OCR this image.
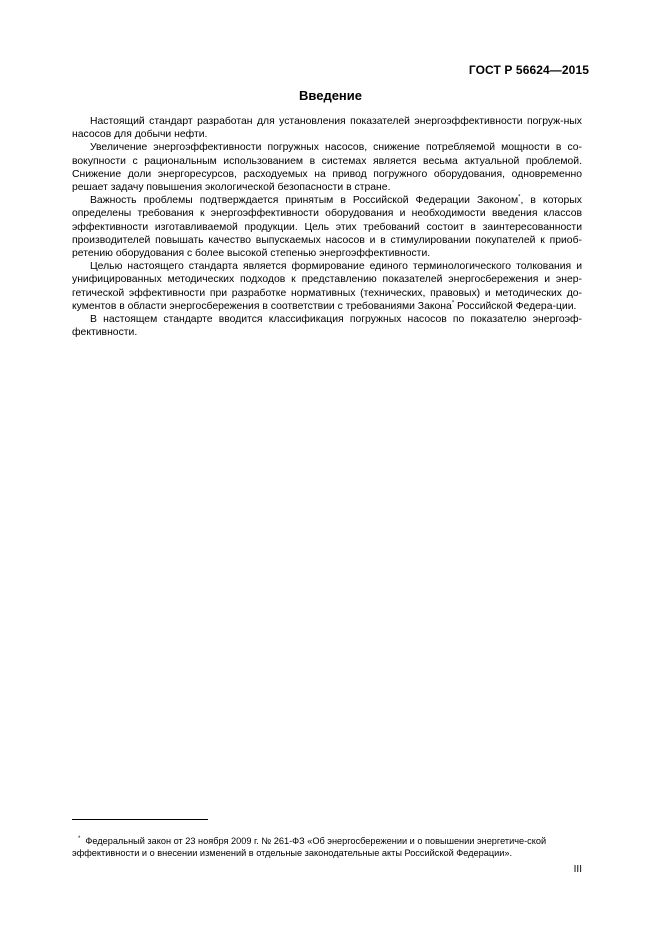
ГОСТ Р 56624—2015
Введение

Настоящий стандарт разработан для установления показателей энергоэффективности погруж-ных насосов для добычи нефти.

Увеличение энергоэффективности погружных насосов, снижение потребляемой мощности в со-вокупности с рациональным использованием в системах является весьма актуальной проблемой. Снижение доли энергоресурсов, расходуемых на привод погружного оборудования, одновременно решает задачу повышения экологической безопасности в стране.

Важность проблемы подтверждается принятым в Российской Федерации Законом*, в которых определены требования к энергоэффективности оборудования и необходимости введения классов эффективности изготавливаемой продукции. Цель этих требований состоит в заинтересованности производителей повышать качество выпускаемых насосов и в стимулировании покупателей к приоб-ретению оборудования с более высокой степенью энергоэффективности.

Целью настоящего стандарта является формирование единого терминологического толкования и унифицированных методических подходов к представлению показателей энергосбережения и энер-гетической эффективности при разработке нормативных (технических, правовых) и методических до-кументов в области энергосбережения в соответствии с требованиями Закона* Российской Федера-ции.

В настоящем стандарте вводится классификация погружных насосов по показателю энергоэф-фективности.

* Федеральный закон от 23 ноября 2009 г. № 261-ФЗ «Об энергосбережении и о повышении энергетиче-ской эффективности и о внесении изменений в отдельные законодательные акты Российской Федерации».
III
